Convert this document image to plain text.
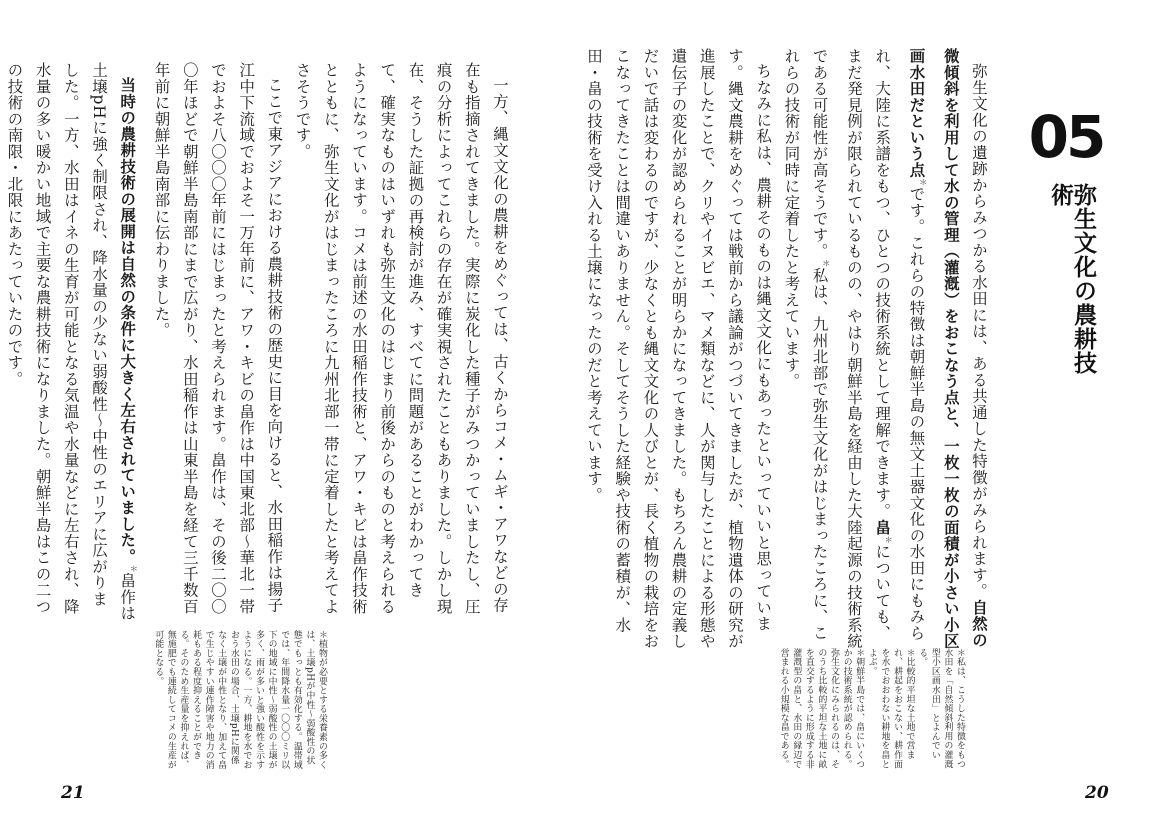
05
弥生文化の農耕技術

弥生文化の遺跡からみつかる水田には、ある共通した特徴がみられます。自然の微傾斜を利用して水の管理（灌漑）をおこなう点と、一枚一枚の面積が小さい小区画水田だという点＊です。これらの特徴は朝鮮半島の無文土器文化の水田にもみられ、大陸に系譜をもつ、ひとつの技術系統として理解できます。畠＊についても、まだ発見例が限られているものの、やはり朝鮮半島を経由した大陸起源の技術系統である可能性が高そうです。＊私は、九州北部で弥生文化がはじまったころに、これらの技術が同時に定着したと考えています。

ちなみに私は、農耕そのものは縄文文化にもあったといっていいと思っています。縄文農耕をめぐっては戦前から議論がつづいてきましたが、植物遺体の研究が進展したことで、クリやイヌビエ、マメ類などに、人が関与したことによる形態や遺伝子の変化が認められることが明らかになってきました。もちろん農耕の定義しだいで話は変わるのですが、少なくとも縄文文化の人びとが、長く植物の栽培をおこなってきたことは間違いありません。そしてそうした経験や技術の蓄積が、水田・畠の技術を受け入れる土壌になったのだと考えています。

＊私は、こうした特徴をもつ水田を「自然傾斜利用の灌漑型小区画水田」とよんでいる。

＊比較的平坦な土地で営まれ、耕起をおこない、耕作面を水でおおわない耕地を畠とよぶ。

＊朝鮮半島では、畠にいくつかの技術系統が認められる。弥生文化にみられるのは、そのうち比較的平坦な土地に畝を直交するように形成する非灌漑型の畠と、水田の縁辺で営まれる小規模な畠である。

20

一方、縄文文化の農耕をめぐっては、古くからコメ・ムギ・アワなどの存在も指摘されてきました。実際に炭化した種子がみつかっていましたし、圧痕の分析によってこれらの存在が確実視されたこともありました。しかし現在、そうした証拠の再検討が進み、すべてに問題があることがわかってきて、確実なものはいずれも弥生文化のはじまり前後からのものと考えられるようになっています。コメは前述の水田稲作技術と、アワ・キビは畠作技術とともに、弥生文化がはじまったころに九州北部一帯に定着したと考えてよさそうです。

ここで東アジアにおける農耕技術の歴史に目を向けると、水田稲作は揚子江中下流域でおよそ一万年前に、アワ・キビの畠作は中国東北部～華北一帯でおよそ八〇〇〇年前にはじまったと考えられます。畠作は、その後二〇〇〇年ほどで朝鮮半島南部にまで広がり、水田稲作は山東半島を経て三千数百年前に朝鮮半島南部に伝わりました。

当時の農耕技術の展開は自然の条件に大きく左右されていました。＊畠作は土壌pHに強く制限され、降水量の少ない弱酸性～中性のエリアに広がりました。一方、水田はイネの生育が可能となる気温や水量などに左右され、降水量の多い暖かい地域で主要な農耕技術になりました。朝鮮半島はこの二つの技術の南限・北限にあたっていたのです。

＊植物が必要とする栄養素の多くは、土壌pHが中性～弱酸性の状態でもっとも有効化する。温帯域では、年間降水量一〇〇〇ミリ以下の地域に中性～弱酸性の土壌が多く、雨が多いと強い酸性を示すようになる。一方、耕地を水でおおう水田の場合、土壌pHに関係なく土壌が中性となり、加えて畠で生じやすい連作障害や地力の消耗もある程度抑えることができる。そのため生産量を抑えれば、無施肥でも連続してコメの生産が可能となる。

21
